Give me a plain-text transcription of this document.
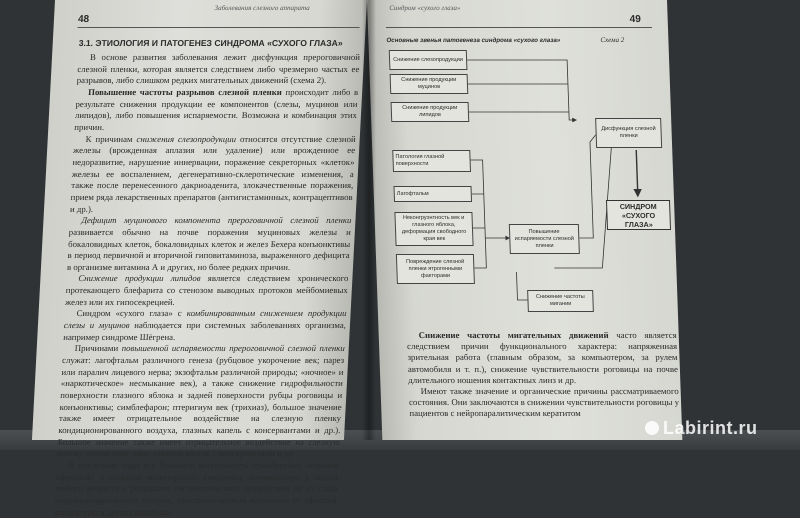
Заболевания слезного аппарата
48
3.1. ЭТИОЛОГИЯ И ПАТОГЕНЕЗ СИНДРОМА «СУХОГО ГЛАЗА»

В основе развития заболевания лежит дисфункция прероговичной слезной пленки, которая является следствием либо чрезмерно частых ее разрывов, либо слишком редких мигательных движений (схема 2).

Повышение частоты разрывов слезной пленки происходит либо в результате снижения продукции ее компонентов (слезы, муцинов или липидов), либо повышения испаряемости. Возможна и комбинация этих причин.

К причинам снижения слезопродукции относятся отсутствие слезной железы (врожденная аплазия или удаление) или врожденное ее недоразвитие, нарушение иннервации, поражение секреторных «клеток» железы ее воспалением, дегенеративно-склеротические изменения, а также после перенесенного дакриоаденита, злокачественные поражения, прием ряда лекарственных препаратов (антигистаминных, контрацептивов и др.).

Дефицит муцинового компонента прероговичной слезной пленки развивается обычно на почве поражения муциновых железы и бокаловидных клеток, бокаловидных клеток и желез Бехера конъюнктивы в период первичной и вторичной гиповитаминоза, выраженного дефицита в организме витамина А и других, но более редких причин.

Снижение продукции липидов является следствием хронического протекающего блефарита со стенозом выводных протоков мейбомиевых желез или их гипосекрецией.

Синдром «сухого глаза» с комбинированным снижением продукции слезы и муцинов наблюдается при системных заболеваниях организма, например синдроме Шёгрена.

Причинами повышенной испаряемости прероговичной слезной пленки служат: лагофтальм различного генеза (рубцовое укорочение век; парез или паралич лицевого нерва; экзофтальм различной природы; «ночное» и «наркотическое» несмыкание век), а также снижение гидрофильности поверхности глазного яблока и задней поверхности рубцы роговицы и конъюнктивы; симблефарон; птеригиум век (трихиаз), большое значение также имеет отрицательное воздействие на слезную пленку кондиционированного воздуха, глазных капель с консервантами и др.). Большое значение также имеет отрицательное воздействие на слезную пленку контактных линз, глазных капель с консервантами и др.

В последние годы все большую актуальность приобретают «глазной офисный» и «глазной мониторный» синдромы, возникающие у людей любого возраста в результате систематического воздействия на их глаза кондиционированного воздуха, электромагнитных излучений от офисной аппаратуры и других подобных

Синдром «сухого глаза»
49
Основные звенья патогенеза синдрома «сухого глаза»	Схема 2
Снижение слезопродукции
Снижение продукции муцинов
Снижение продукции липидов
Патология глазной поверхности
Лагофтальм
Неконгруэнтность век и глазного яблока, деформация свободного края век
Повреждение слезной пленки ятрогенными факторами
Повышение испаряемости слезной пленки
Снижение частоты мигании
Дисфункция слезной пленки
СИНДРОМ «СУХОГО ГЛАЗА»

Снижение частоты мигательных движений часто является следствием причин функционального характера: напряженная зрительная работа (главным образом, за компьютером, за рулем автомобиля и т. п.), снижение чувствительности роговицы на почве длительного ношения контактных линз и др.

Имеют также значение и органические причины рассматриваемого состояния. Они заключаются в снижении чувствительности роговицы у пациентов с нейропаралитическим кератитом

Labirint.ru
